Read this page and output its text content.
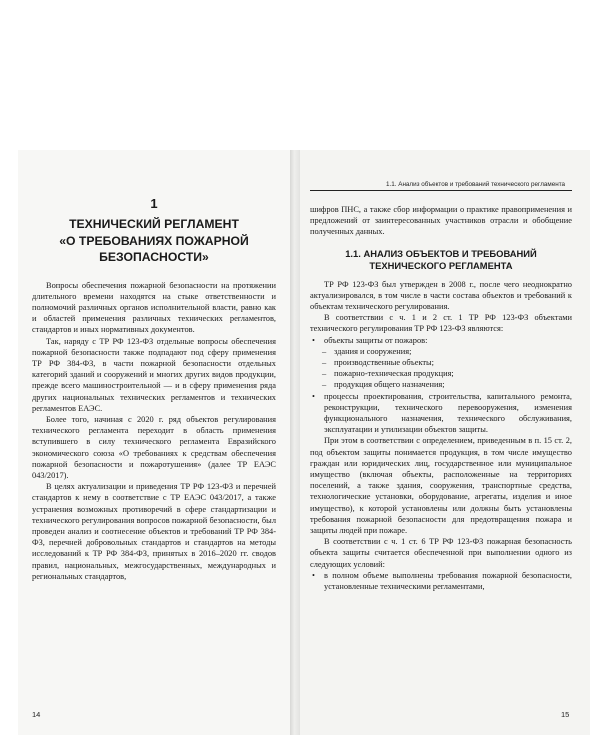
1
ТЕХНИЧЕСКИЙ РЕГЛАМЕНТ
«О ТРЕБОВАНИЯХ ПОЖАРНОЙ
БЕЗОПАСНОСТИ»

Вопросы обеспечения пожарной безопасности на протяжении длительного времени находятся на стыке ответственности и полномочий различных органов исполнительной власти, равно как и областей применения различных технических регламентов, стандартов и иных нормативных документов.

Так, наряду с ТР РФ 123-ФЗ отдельные вопросы обеспечения пожарной безопасности также подпадают под сферу применения ТР РФ 384-ФЗ, в части пожарной безопасности отдельных категорий зданий и сооружений и многих других видов продукции, прежде всего машиностроительной — и в сферу применения ряда других национальных технических регламентов и технических регламентов ЕАЭС.

Более того, начиная с 2020 г. ряд объектов регулирования технического регламента переходит в область применения вступившего в силу технического регламента Евразийского экономического союза «О требованиях к средствам обеспечения пожарной безопасности и пожаротушения» (далее ТР ЕАЭС 043/2017).

В целях актуализации и приведения ТР РФ 123-ФЗ и перечней стандартов к нему в соответствие с ТР ЕАЭС 043/2017, а также устранения возможных противоречий в сфере стандартизации и технического регулирования вопросов пожарной безопасности, был проведен анализ и соотнесение объектов и требований ТР РФ 384-ФЗ, перечней добровольных стандартов и стандартов на методы исследований к ТР РФ 384-ФЗ, принятых в 2016–2020 гг. сводов правил, национальных, межгосударственных, международных и региональных стандартов,

14
1.1. Анализ объектов и требований технического регламента

шифров ПНС, а также сбор информации о практике правоприменения и предложений от заинтересованных участников отрасли и обобщение полученных данных.

1.1. АНАЛИЗ ОБЪЕКТОВ И ТРЕБОВАНИЙ
ТЕХНИЧЕСКОГО РЕГЛАМЕНТА

ТР РФ 123-ФЗ был утвержден в 2008 г., после чего неоднократно актуализировался, в том числе в части состава объектов и требований к объектам технического регулирования.

В соответствии с ч. 1 и 2 ст. 1 ТР РФ 123-ФЗ объектами технического регулирования ТР РФ 123-ФЗ являются:

• объекты защиты от пожаров:
– здания и сооружения;
– производственные объекты;
– пожарно-техническая продукция;
– продукция общего назначения;
• процессы проектирования, строительства, капитального ремонта, реконструкции, технического перевооружения, изменения функционального назначения, технического обслуживания, эксплуатации и утилизации объектов защиты.

При этом в соответствии с определением, приведенным в п. 15 ст. 2, под объектом защиты понимается продукция, в том числе имущество граждан или юридических лиц, государственное или муниципальное имущество (включая объекты, расположенные на территориях поселений, а также здания, сооружения, транспортные средства, технологические установки, оборудование, агрегаты, изделия и иное имущество), к которой установлены или должны быть установлены требования пожарной безопасности для предотвращения пожара и защиты людей при пожаре.

В соответствии с ч. 1 ст. 6 ТР РФ 123-ФЗ пожарная безопасность объекта защиты считается обеспеченной при выполнении одного из следующих условий:

• в полном объеме выполнены требования пожарной безопасности, установленные техническими регламентами,
15
